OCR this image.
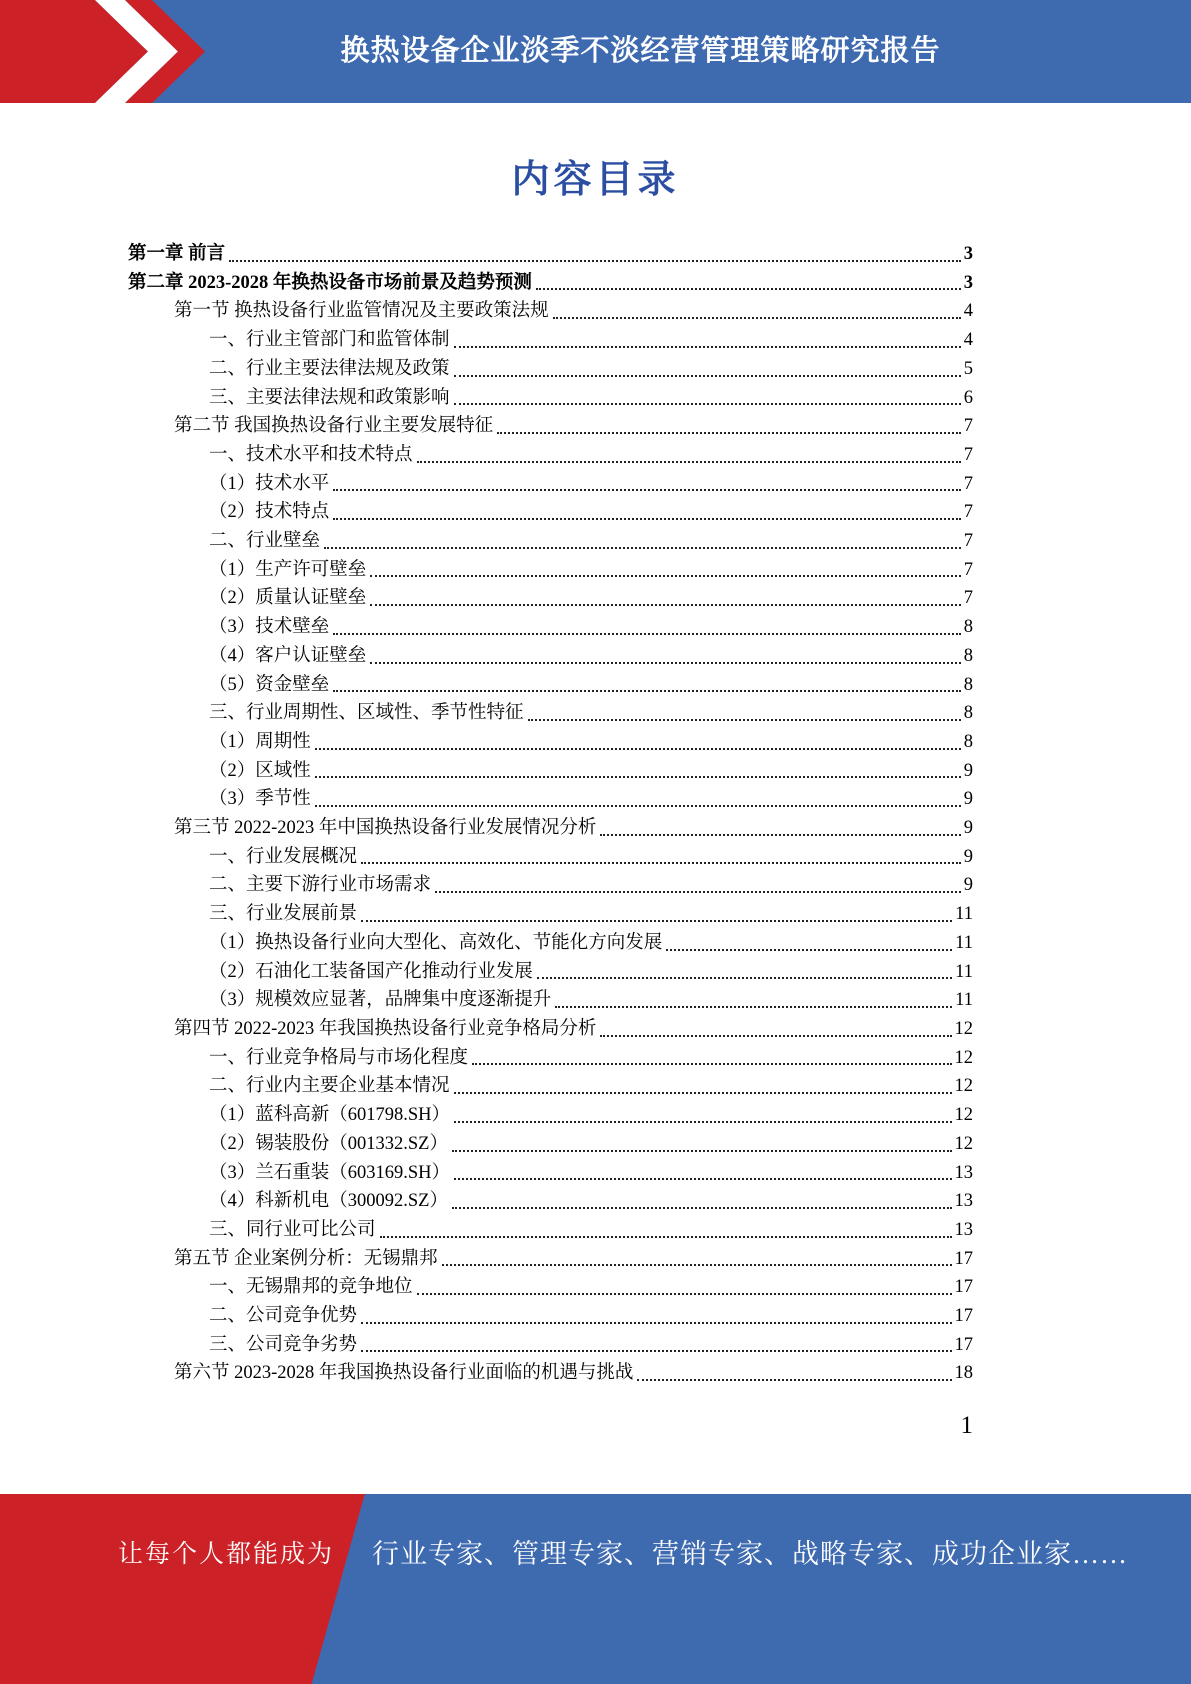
换热设备企业淡季不淡经营管理策略研究报告
内容目录
第一章 前言	3
第二章 2023-2028 年换热设备市场前景及趋势预测	3
第一节 换热设备行业监管情况及主要政策法规	4
一、行业主管部门和监管体制	4
二、行业主要法律法规及政策	5
三、主要法律法规和政策影响	6
第二节 我国换热设备行业主要发展特征	7
一、技术水平和技术特点	7
（1）技术水平	7
（2）技术特点	7
二、行业壁垒	7
（1）生产许可壁垒	7
（2）质量认证壁垒	7
（3）技术壁垒	8
（4）客户认证壁垒	8
（5）资金壁垒	8
三、行业周期性、区域性、季节性特征	8
（1）周期性	8
（2）区域性	9
（3）季节性	9
第三节 2022-2023 年中国换热设备行业发展情况分析	9
一、行业发展概况	9
二、主要下游行业市场需求	9
三、行业发展前景	11
（1）换热设备行业向大型化、高效化、节能化方向发展	11
（2）石油化工装备国产化推动行业发展	11
（3）规模效应显著，品牌集中度逐渐提升	11
第四节 2022-2023 年我国换热设备行业竞争格局分析	12
一、行业竞争格局与市场化程度	12
二、行业内主要企业基本情况	12
（1）蓝科高新（601798.SH）	12
（2）锡装股份（001332.SZ）	12
（3）兰石重装（603169.SH）	13
（4）科新机电（300092.SZ）	13
三、同行业可比公司	13
第五节 企业案例分析：无锡鼎邦	17
一、无锡鼎邦的竞争地位	17
二、公司竞争优势	17
三、公司竞争劣势	17
第六节 2023-2028 年我国换热设备行业面临的机遇与挑战	18
1
让每个人都能成为 行业专家、管理专家、营销专家、战略专家、成功企业家……
